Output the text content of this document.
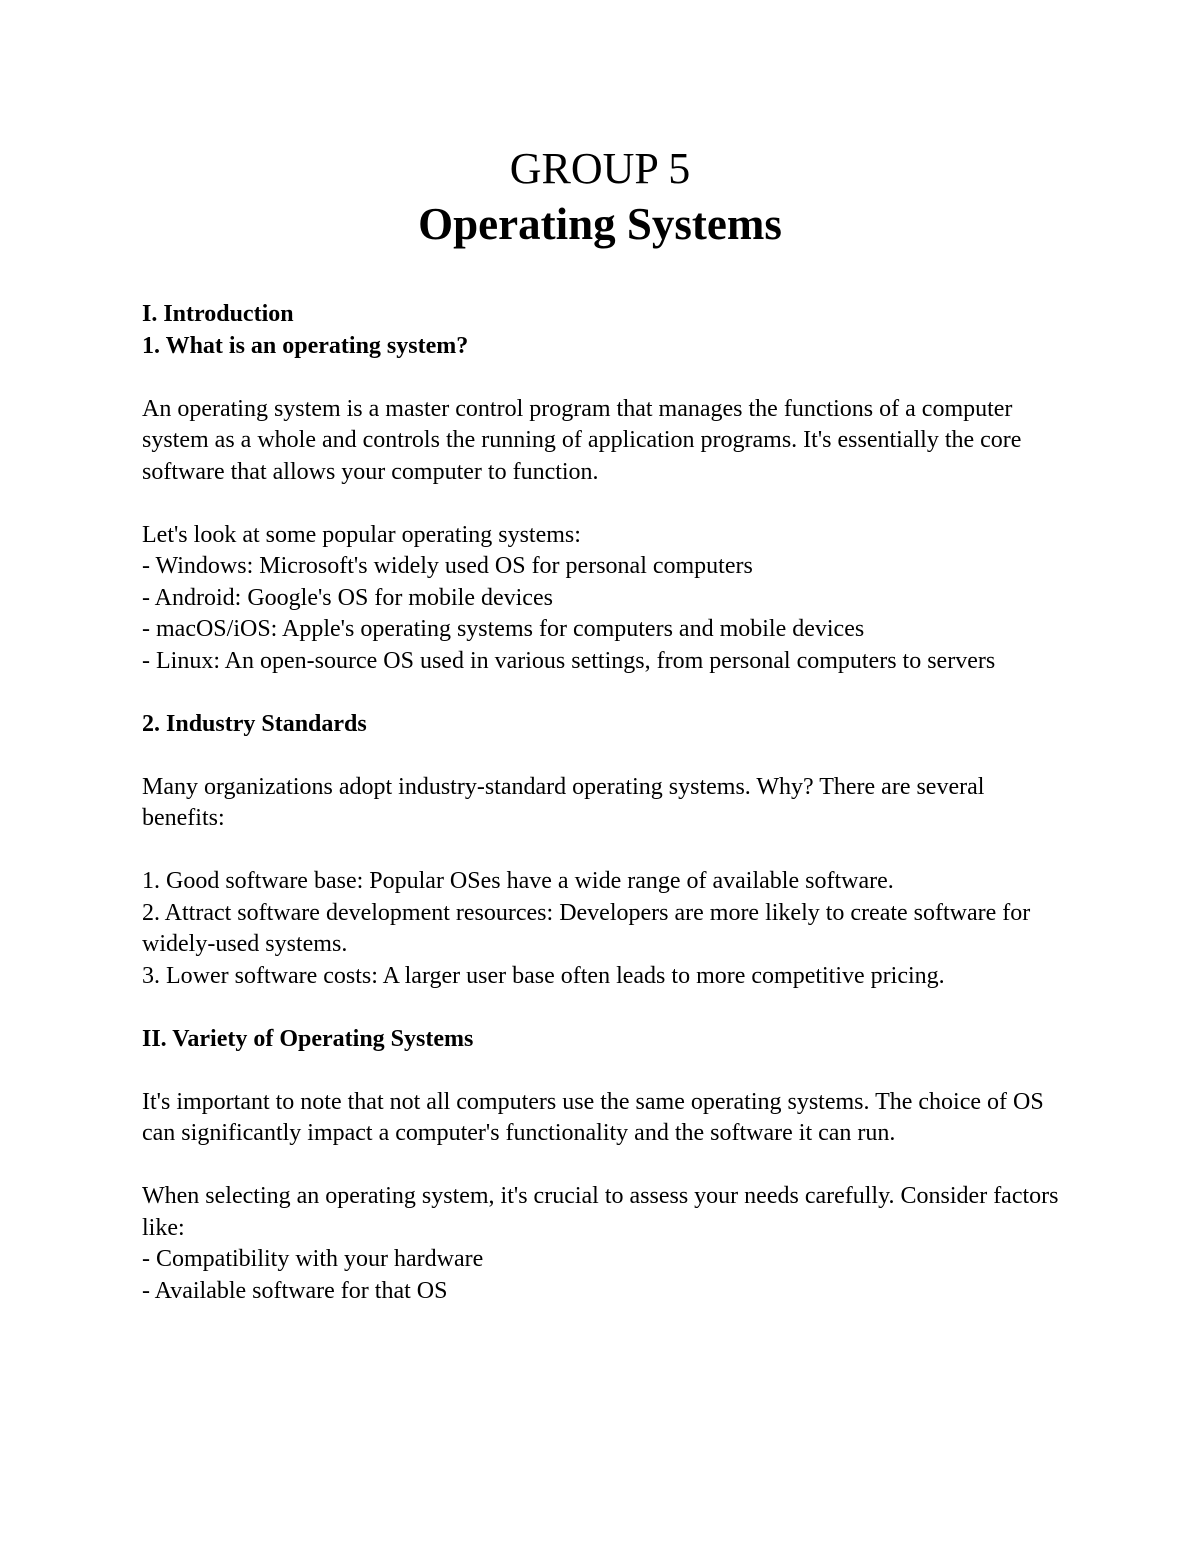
GROUP 5

Operating Systems

I. Introduction

1. What is an operating system?

An operating system is a master control program that manages the functions of a computer system as a whole and controls the running of application programs. It's essentially the core software that allows your computer to function.

Let's look at some popular operating systems:

- Windows: Microsoft's widely used OS for personal computers

- Android: Google's OS for mobile devices

- macOS/iOS: Apple's operating systems for computers and mobile devices

- Linux: An open-source OS used in various settings, from personal computers to servers

2. Industry Standards

Many organizations adopt industry-standard operating systems. Why? There are several benefits:

1. Good software base: Popular OSes have a wide range of available software.

2. Attract software development resources: Developers are more likely to create software for widely-used systems.

3. Lower software costs: A larger user base often leads to more competitive pricing.

II. Variety of Operating Systems

It's important to note that not all computers use the same operating systems. The choice of OS can significantly impact a computer's functionality and the software it can run.

When selecting an operating system, it's crucial to assess your needs carefully. Consider factors like:

- Compatibility with your hardware

- Available software for that OS
